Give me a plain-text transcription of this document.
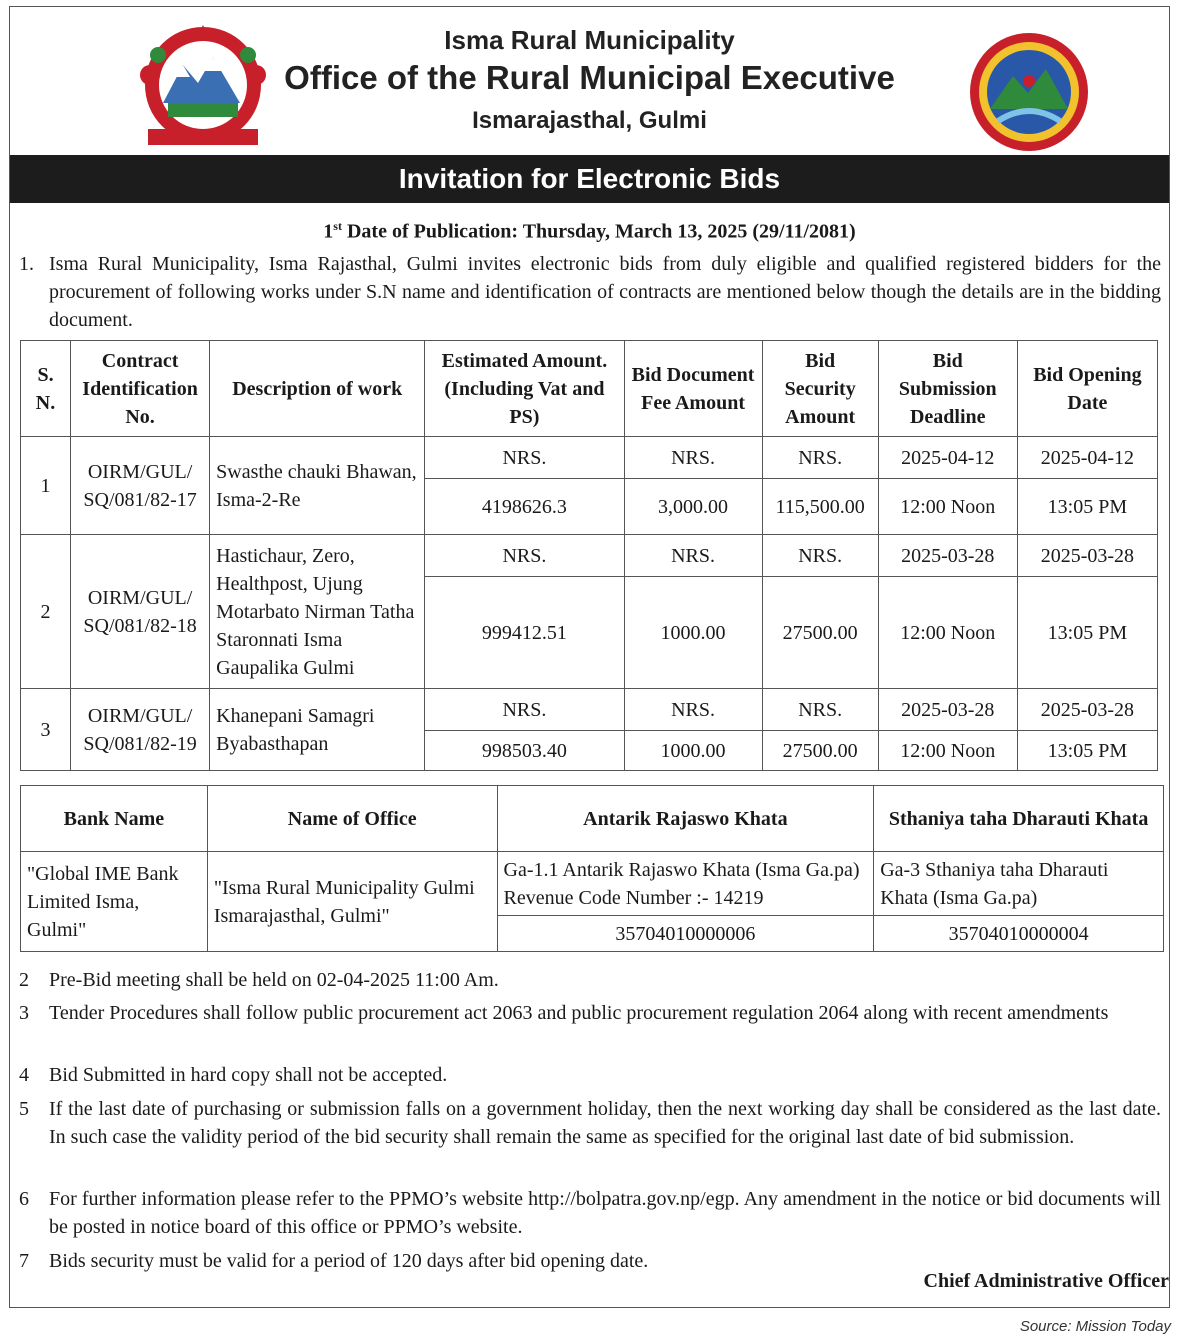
Isma Rural Municipality
Office of the Rural Municipal Executive
Ismarajasthal, Gulmi
Invitation for Electronic Bids
1st Date of Publication: Thursday, March 13, 2025 (29/11/2081)
1. Isma Rural Municipality, Isma Rajasthal, Gulmi invites electronic bids from duly eligible and qualified registered bidders for the procurement of following works under S.N name and identification of contracts are mentioned below though the details are in the bidding document.
S. N.	Contract Identification No.	Description of work	Estimated Amount. (Including Vat and PS)	Bid Document Fee Amount	Bid Security Amount	Bid Submission Deadline	Bid Opening Date
1	OIRM/GUL/ SQ/081/82-17	Swasthe chauki Bhawan, Isma-2-Re	NRS.	NRS.	NRS.	2025-04-12	2025-04-12
			4198626.3	3,000.00	115,500.00	12:00 Noon	13:05 PM
2	OIRM/GUL/ SQ/081/82-18	Hastichaur, Zero, Healthpost, Ujung Motarbato Nirman Tatha Staronnati Isma Gaupalika Gulmi	NRS.	NRS.	NRS.	2025-03-28	2025-03-28
			999412.51	1000.00	27500.00	12:00 Noon	13:05 PM
3	OIRM/GUL/ SQ/081/82-19	Khanepani Samagri Byabasthapan	NRS.	NRS.	NRS.	2025-03-28	2025-03-28
			998503.40	1000.00	27500.00	12:00 Noon	13:05 PM
Bank Name	Name of Office	Antarik Rajaswo Khata	Sthaniya taha Dharauti Khata
"Global IME Bank Limited Isma, Gulmi"	"Isma Rural Municipality Gulmi Ismarajasthal, Gulmi"	Ga-1.1 Antarik Rajaswo Khata (Isma Ga.pa) Revenue Code Number :- 14219	Ga-3 Sthaniya taha Dharauti Khata (Isma Ga.pa)
		35704010000006	35704010000004
2 Pre-Bid meeting shall be held on 02-04-2025 11:00 Am.
3 Tender Procedures shall follow public procurement act 2063 and public procurement regulation 2064 along with recent amendments
4 Bid Submitted in hard copy shall not be accepted.
5 If the last date of purchasing or submission falls on a government holiday, then the next working day shall be considered as the last date. In such case the validity period of the bid security shall remain the same as specified for the original last date of bid submission.
6 For further information please refer to the PPMO’s website http://bolpatra.gov.np/egp. Any amendment in the notice or bid documents will be posted in notice board of this office or PPMO’s website.
7 Bids security must be valid for a period of 120 days after bid opening date.
Chief Administrative Officer
Source: Mission Today
